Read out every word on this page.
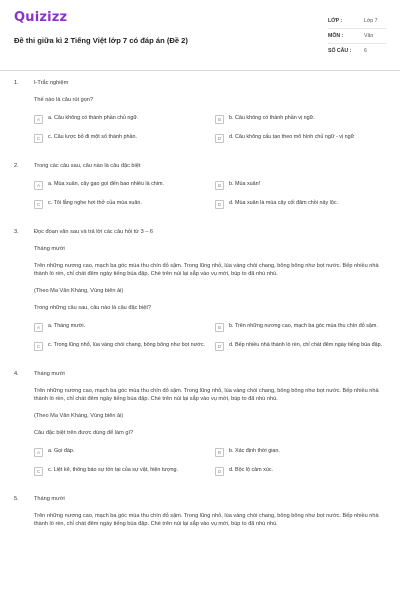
Quizizz
Đề thi giữa kì 2 Tiếng Việt lớp 7 có đáp án (Đề 2)
LỚP :	Lớp 7
MÔN :	Văn
SỐ CÂU : 6
1.	I-Trắc nghiệm

Thế nào là câu rút gọn?

A	a. Câu không có thành phần chủ ngữ.	B	b. Câu không có thành phần vị ngữ.
C	c. Câu lược bỏ đi một số thành phần.	D	d. Câu không cấu tạo theo mô hình chủ ngữ - vị ngữ
2.	Trong các câu sau, câu nào là câu đặc biệt

A	a. Mùa xuân, cây gạo gọi đến bao nhiêu là chim.	B	b. Mùa xuân!
C	c. Tôi lắng nghe hơi thở của mùa xuân.	D	d. Mùa xuân là mùa cây cối đâm chồi nảy lộc.
3.	Đọc đoạn văn sau và trả lời các câu hỏi từ 3 – 6

Tháng mười

Trên những nương cao, mạch ba góc mùa thu chín đỏ sậm. Trong lũng nhỏ, lúa vàng chói chang, bông bông như bọt nước. Bếp nhiều nhà thành lò rèn, chỉ chát đêm ngày tiếng búa đập. Chè trên núi lại sắp vào vụ mới, búp to đã nhú nhú.

(Theo Ma Văn Kháng, Vùng biên ải)

Trong những câu sau, câu nào là câu đặc biệt?

A	a. Tháng mười.	B	b. Trên những nương cao, mạch ba góc mùa thu chín đỏ sậm.
C	c. Trong lũng nhỏ, lúa vàng chói chang, bông bông như bọt nước.	D	d. Bếp nhiều nhà thành lò rèn, chỉ chát đêm ngày tiếng búa đập.
4.	Tháng mười

Trên những nương cao, mạch ba góc mùa thu chín đỏ sậm. Trong lũng nhỏ, lúa vàng chói chang, bông bông như bọt nước. Bếp nhiều nhà thành lò rèn, chỉ chát đêm ngày tiếng búa đập. Chè trên núi lại sắp vào vụ mới, búp to đã nhú nhú.

(Theo Ma Văn Kháng, Vùng biên ải)

Câu đặc biệt trên được dùng để làm gì?

A	a. Gọi đáp.	B	b. Xác định thời gian.
C	c. Liệt kê, thông báo sự tồn tại của sự vật, hiện tượng.	D	d. Bộc lộ cảm xúc.
5.	Tháng mười

Trên những nương cao, mạch ba góc mùa thu chín đỏ sậm. Trong lũng nhỏ, lúa vàng chói chang, bông bông như bọt nước. Bếp nhiều nhà thành lò rèn, chỉ chát đêm ngày tiếng búa đập. Chè trên núi lại sắp vào vụ mới, búp to đã nhú nhú.
